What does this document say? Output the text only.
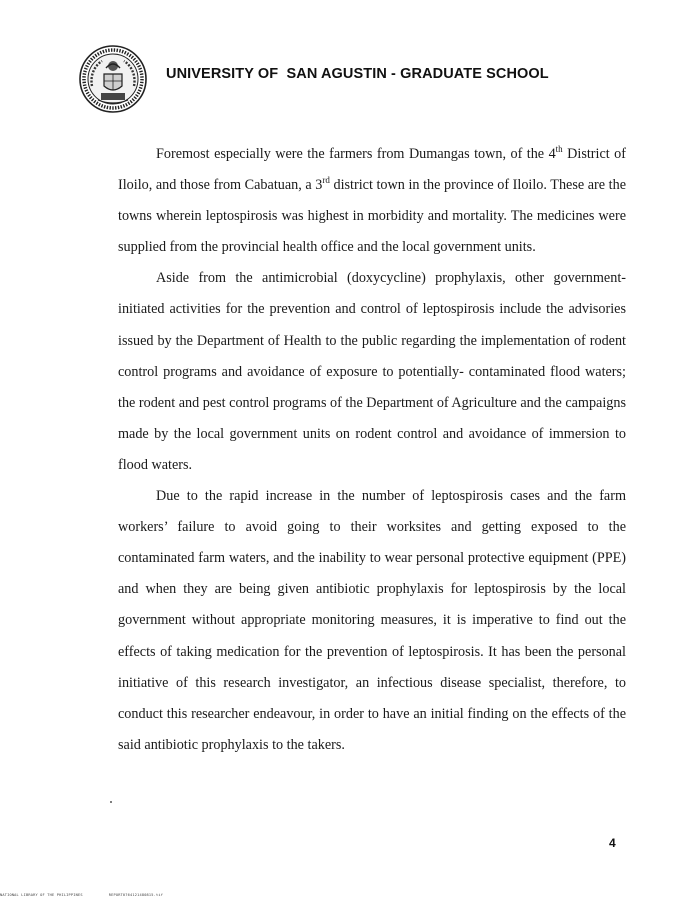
UNIVERSITY OF  SAN AGUSTIN - GRADUATE SCHOOL

Foremost especially were the farmers from Dumangas town, of the 4th District of Iloilo, and those from Cabatuan, a 3rd district town in the province of Iloilo. These are the towns wherein leptospirosis was highest in morbidity and mortality. The medicines were supplied from the provincial health office and the local government units.

Aside from the antimicrobial (doxycycline) prophylaxis, other government-initiated activities for the prevention and control of leptospirosis include the advisories issued by the Department of Health to the public regarding the implementation of rodent control programs and avoidance of exposure to potentially- contaminated flood waters; the rodent and pest control programs of the Department of Agriculture and the campaigns made by the local government units on rodent control and avoidance of immersion to flood waters.

Due to the rapid increase in the number of leptospirosis cases and the farm workers’ failure to avoid going to their worksites and getting exposed to the contaminated farm waters, and the inability to wear personal protective equipment (PPE) and when they are being given antibiotic prophylaxis for leptospirosis by the local government without appropriate monitoring measures, it is imperative to find out the effects of taking medication for the prevention of leptospirosis. It has been the personal initiative of this research investigator, an infectious disease specialist, therefore, to conduct this researcher endeavour, in order to have an initial finding on the effects of the said antibiotic prophylaxis to the takers.

4
NATIONAL LIBRARY OF THE PHILIPPINES	REPORT0764121480815.tif
